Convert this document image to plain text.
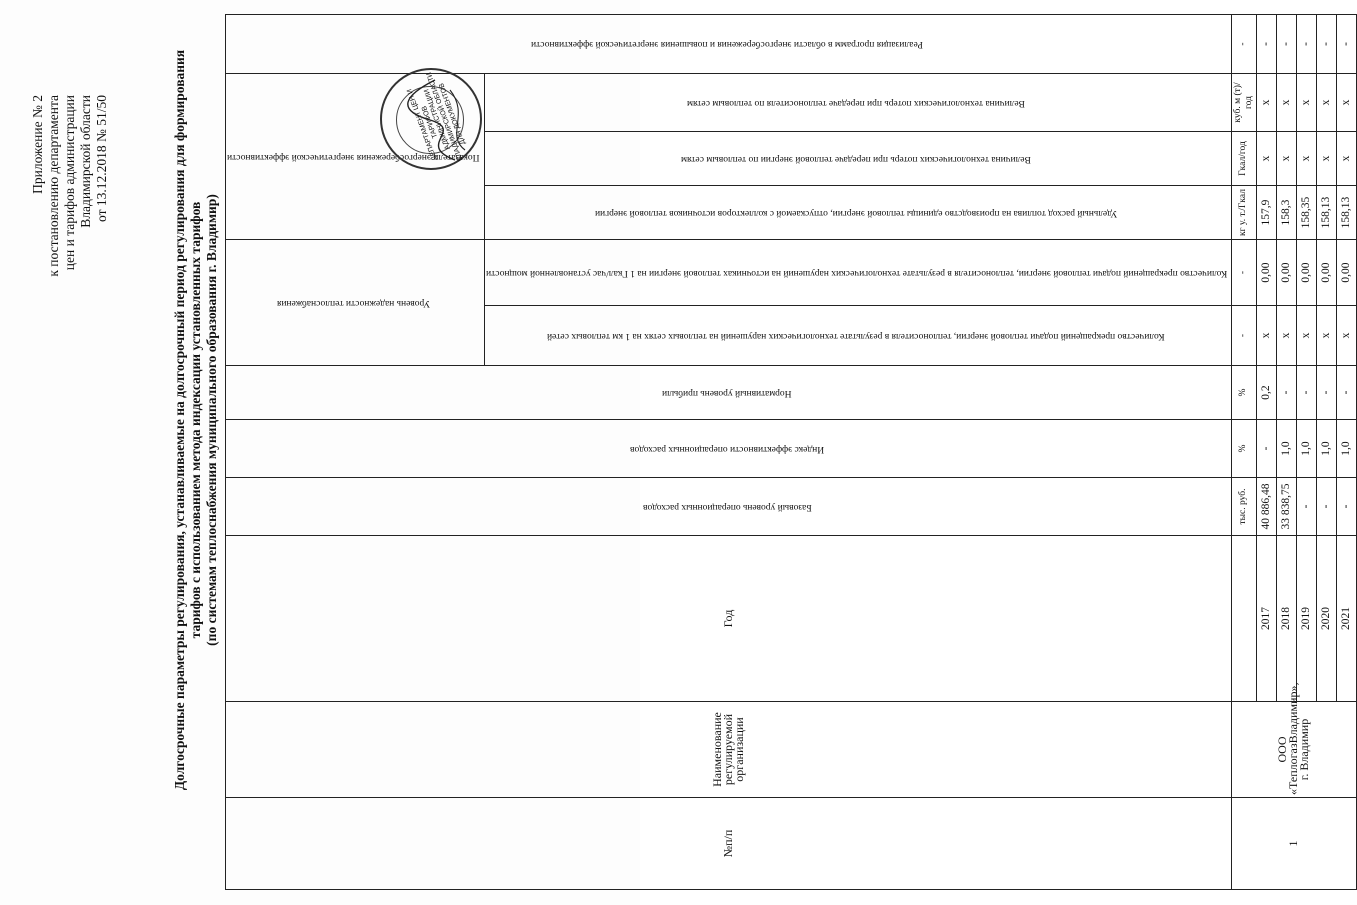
Приложение № 2 к постановлению департамента цен и тарифов администрации Владимирской области от 13.12.2018 № 51/50	Долгосрочные параметры регулирования, устанавливаемые на долгосрочный период регулирования для формирования тарифов с использованием метода индексации установленных тарифов (по системам теплоснабжения муниципального образования г. Владимир)
№п/п	Наименование регулируемой организации	Год	Базовый уровень операционных расходов	Индекс эффективности операционных расходов	Нормативный уровень прибыли	Уровень надежности теплоснабжения		Показатели энергосбережения энергетической эффективности			Реализация программ в области энергосбережения и повышения энергетической эффективности	
						Количество прекращений подачи тепловой энергии, теплоносителя в результате технологических нарушений на тепловых сетях на 1 км тепловых сетей	Количество прекращений подачи тепловой энергии, теплоносителя в результате технологических нарушений на источниках тепловой энергии на 1 Гкал/час установленной мощности	Удельный расход топлива на производство единицы тепловой энергии, отпускаемой с коллекторов источников тепловой энергии	Величина технологических потерь при передаче тепловой энергии по тепловым сетям	Величина технологических потерь при передаче теплоносителя по тепловым сетям		
1	ООО «ТеплогазВладимир», г. Владимир		тыс. руб.	%	%	-	-	кг у. т./Гкал	Гкал/год	куб. м (т)/год	-	
		2017	40 886,48	-	0,2	x	0,00	157,9	x	x	-	
		2018	33 838,75	1,0	-	x	0,00	158,3	x	x	-	
		2019	-	1,0	-	x	0,00	158,35	x	x	-	
		2020	-	1,0	-	x	0,00	158,13	x	x	-	
		2021	-	1,0	-	x	0,00	158,13	x	x	-	
ДЕПАРТАМЕНТ ЦЕН И ТАРИФОВ АДМИНИСТРАЦИИ ВЛАДИМИРСКОЙ ОБЛАСТИ ДЛЯ ДОКУМЕНТОВ
